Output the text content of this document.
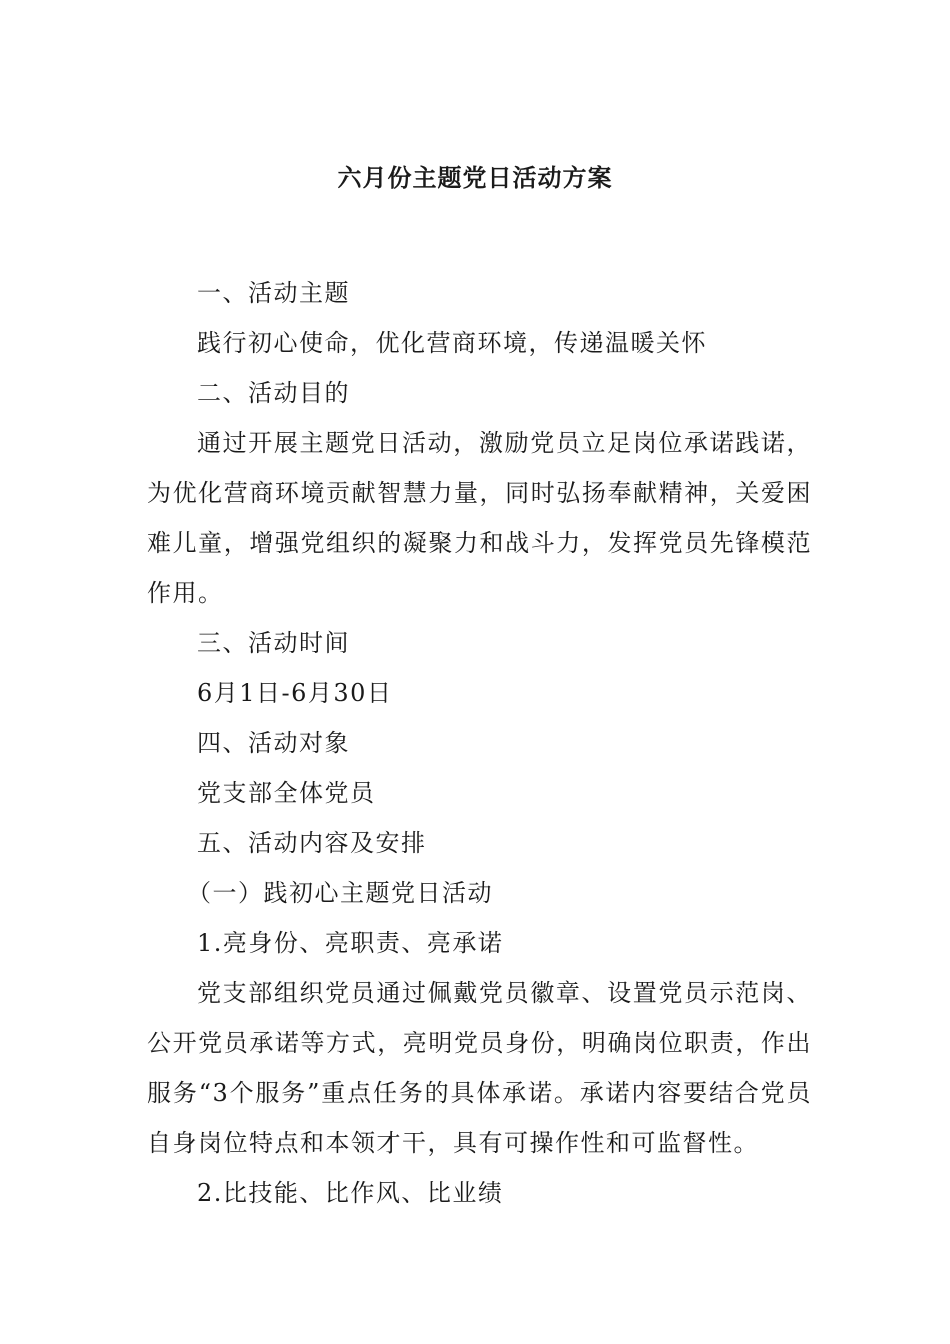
六月份主题党日活动方案

一、活动主题

践行初心使命，优化营商环境，传递温暖关怀

二、活动目的

通过开展主题党日活动，激励党员立足岗位承诺践诺，为优化营商环境贡献智慧力量，同时弘扬奉献精神，关爱困难儿童，增强党组织的凝聚力和战斗力，发挥党员先锋模范作用。

三、活动时间

6月1日-6月30日

四、活动对象

党支部全体党员

五、活动内容及安排

（一）践初心主题党日活动

1.亮身份、亮职责、亮承诺

党支部组织党员通过佩戴党员徽章、设置党员示范岗、公开党员承诺等方式，亮明党员身份，明确岗位职责，作出服务“3个服务”重点任务的具体承诺。承诺内容要结合党员自身岗位特点和本领才干，具有可操作性和可监督性。

2.比技能、比作风、比业绩
